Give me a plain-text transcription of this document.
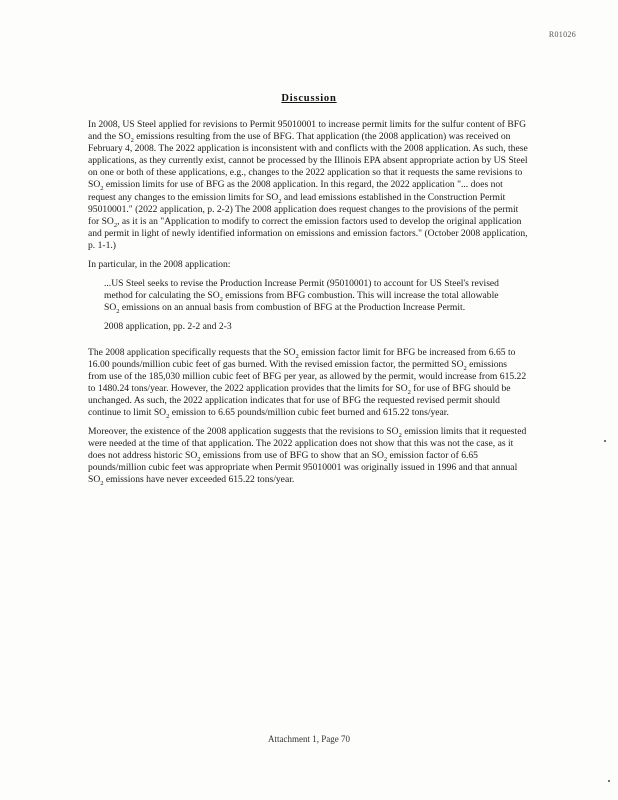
R01026
Discussion

In 2008, US Steel applied for revisions to Permit 95010001 to increase permit limits for the sulfur content of BFG and the $SO_2$ emissions resulting from the use of BFG. That application (the 2008 application) was received on February 4, 2008. The 2022 application is inconsistent with and conflicts with the 2008 application. As such, these applications, as they currently exist, cannot be processed by the Illinois EPA absent appropriate action by US Steel on one or both of these applications, e.g., changes to the 2022 application so that it requests the same revisions to $SO_2$ emission limits for use of BFG as the 2008 application. In this regard, the 2022 application "... does not request any changes to the emission limits for $SO_2$ and lead emissions established in the Construction Permit 95010001." (2022 application, p. 2-2) The 2008 application does request changes to the provisions of the permit for $SO_2$, as it is an "Application to modify to correct the emission factors used to develop the original application and permit in light of newly identified information on emissions and emission factors." (October 2008 application, p. 1-1.)

In particular, in the 2008 application:

...US Steel seeks to revise the Production Increase Permit (95010001) to account for US Steel's revised method for calculating the $SO_2$ emissions from BFG combustion. This will increase the total allowable $SO_2$ emissions on an annual basis from combustion of BFG at the Production Increase Permit.

2008 application, pp. 2-2 and 2-3

The 2008 application specifically requests that the $SO_2$ emission factor limit for BFG be increased from 6.65 to 16.00 pounds/million cubic feet of gas burned. With the revised emission factor, the permitted $SO_2$ emissions from use of the 185,030 million cubic feet of BFG per year, as allowed by the permit, would increase from 615.22 to 1480.24 tons/year. However, the 2022 application provides that the limits for $SO_2$ for use of BFG should be unchanged. As such, the 2022 application indicates that for use of BFG the requested revised permit should continue to limit $SO_2$ emission to 6.65 pounds/million cubic feet burned and 615.22 tons/year.

Moreover, the existence of the 2008 application suggests that the revisions to $SO_2$ emission limits that it requested were needed at the time of that application. The 2022 application does not show that this was not the case, as it does not address historic $SO_2$ emissions from use of BFG to show that an $SO_2$ emission factor of 6.65 pounds/million cubic feet was appropriate when Permit 95010001 was originally issued in 1996 and that annual $SO_2$ emissions have never exceeded 615.22 tons/year.

Attachment 1, Page 70
